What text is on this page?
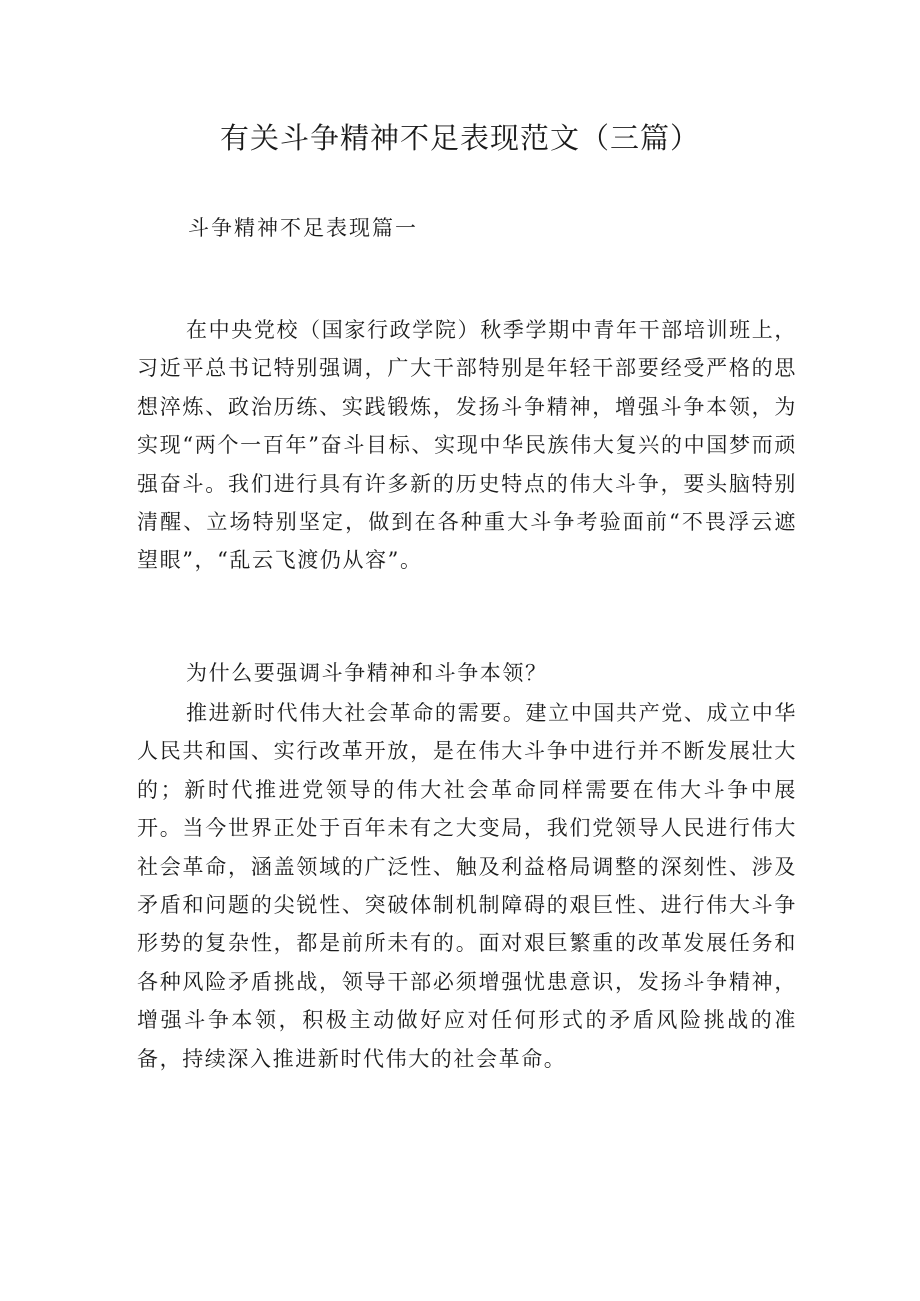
有关斗争精神不足表现范文（三篇）
斗争精神不足表现篇一

在中央党校（国家行政学院）秋季学期中青年干部培训班上，习近平总书记特别强调，广大干部特别是年轻干部要经受严格的思想淬炼、政治历练、实践锻炼，发扬斗争精神，增强斗争本领，为实现“两个一百年”奋斗目标、实现中华民族伟大复兴的中国梦而顽强奋斗。我们进行具有许多新的历史特点的伟大斗争，要头脑特别清醒、立场特别坚定，做到在各种重大斗争考验面前“不畏浮云遮望眼”，“乱云飞渡仍从容”。

为什么要强调斗争精神和斗争本领？

推进新时代伟大社会革命的需要。建立中国共产党、成立中华人民共和国、实行改革开放，是在伟大斗争中进行并不断发展壮大的；新时代推进党领导的伟大社会革命同样需要在伟大斗争中展开。当今世界正处于百年未有之大变局，我们党领导人民进行伟大社会革命，涵盖领域的广泛性、触及利益格局调整的深刻性、涉及矛盾和问题的尖锐性、突破体制机制障碍的艰巨性、进行伟大斗争形势的复杂性，都是前所未有的。面对艰巨繁重的改革发展任务和各种风险矛盾挑战，领导干部必须增强忧患意识，发扬斗争精神，增强斗争本领，积极主动做好应对任何形式的矛盾风险挑战的准备，持续深入推进新时代伟大的社会革命。
